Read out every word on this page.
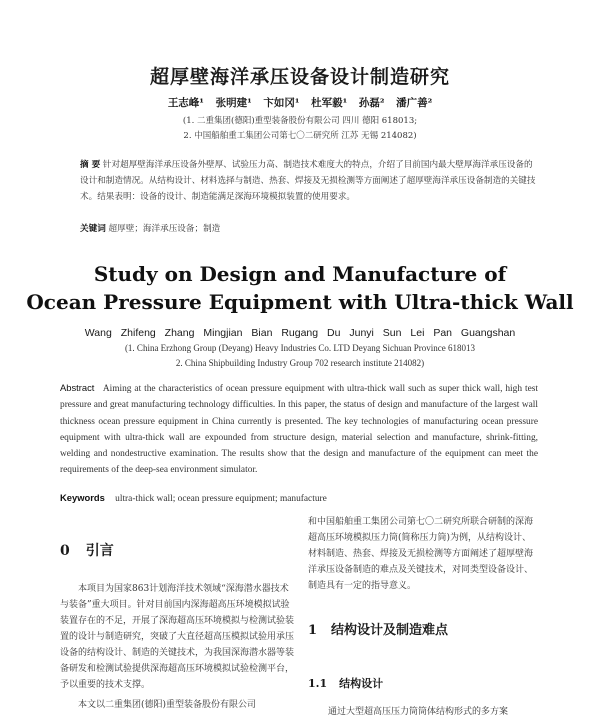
超厚壁海洋承压设备设计制造研究
王志峰¹ 张明建¹ 卞如冈¹ 杜军毅¹ 孙磊² 潘广善²
(1. 二重集团(德阳)重型装备股份有限公司 四川 德阳 618013;
2. 中国船舶重工集团公司第七〇二研究所 江苏 无锡 214082)
摘 要 针对超厚壁海洋承压设备外壁厚、试验压力高、制造技术难度大的特点，介绍了目前国内最大壁厚海洋承压设备的设计和制造情况。从结构设计、材料选择与制造、热套、焊接及无损检测等方面阐述了超厚壁海洋承压设备制造的关键技术。结果表明：设备的设计、制造能满足深海环境模拟装置的使用要求。
关键词 超厚壁；海洋承压设备；制造
Study on Design and Manufacture of
Ocean Pressure Equipment with Ultra-thick Wall
Wang Zhifeng Zhang Mingjian Bian Rugang Du Junyi Sun Lei Pan Guangshan
(1. China Erzhong Group (Deyang) Heavy Industries Co. LTD Deyang Sichuan Province 618013
2. China Shipbuilding Industry Group 702 research institute 214082)
Abstract Aiming at the characteristics of ocean pressure equipment with ultra-thick wall such as super thick wall, high test pressure and great manufacturing technology difficulties. In this paper, the status of design and manufacture of the largest wall thickness ocean pressure equipment in China currently is presented. The key technologies of manufacturing ocean pressure equipment with ultra-thick wall are expounded from structure design, material selection and manufacture, shrink-fitting, welding and nondestructive examination. The results show that the design and manufacture of the equipment can meet the requirements of the deep-sea environment simulator.
Keywords ultra-thick wall; ocean pressure equipment; manufacture
0 引言

本项目为国家863计划海洋技术领域“深海潜水器技术与装备”重大项目。针对目前国内深海超高压环境模拟试验装置存在的不足，开展了深海超高压环境模拟与检测试验装置的设计与制造研究，突破了大直径超高压模拟试验用承压设备的结构设计、制造的关键技术，为我国深海潜水器等装备研发和检测试验提供深海超高压环境模拟试验检测平台，予以重要的技术支撑。

本文以二重集团(德阳)重型装备股份有限公司

和中国船舶重工集团公司第七〇二研究所联合研制的深海超高压环境模拟压力筒(简称压力筒)为例，从结构设计、材料制造、热套、焊接及无损检测等方面阐述了超厚壁海洋承压设备制造的难点及关键技术，对同类型设备设计、制造具有一定的指导意义。

1 结构设计及制造难点
1.1 结构设计
通过大型超高压压力筒筒体结构形式的多方案
